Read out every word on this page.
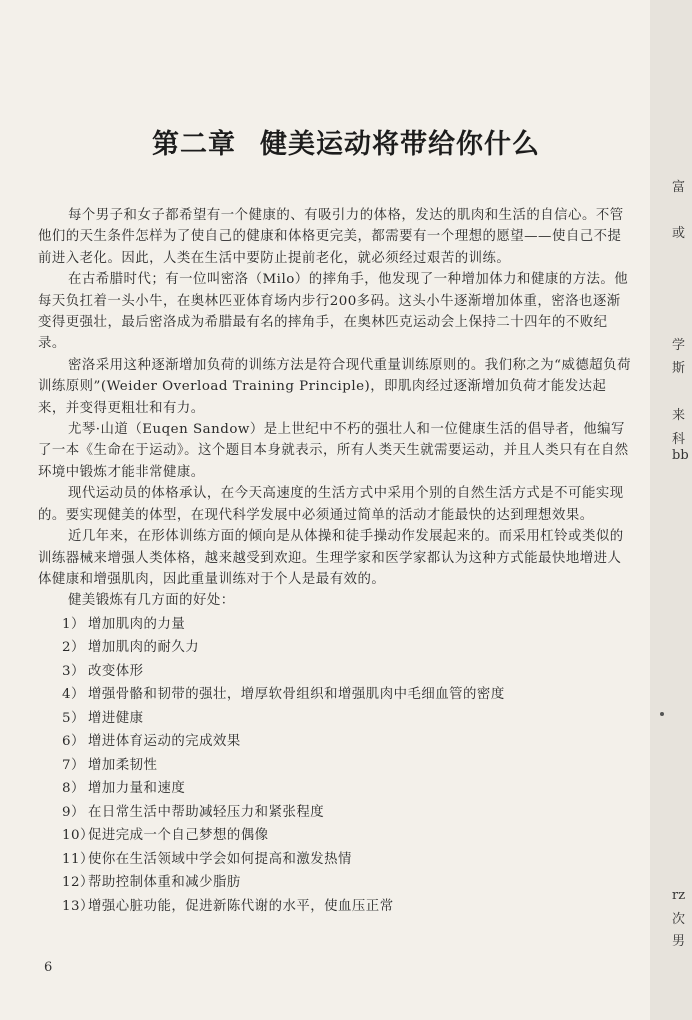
第二章 健美运动将带给你什么

每个男子和女子都希望有一个健康的、有吸引力的体格，发达的肌肉和生活的自信心。不管他们的天生条件怎样为了使自己的健康和体格更完美，都需要有一个理想的愿望——使自己不提前进入老化。因此，人类在生活中要防止提前老化，就必须经过艰苦的训练。

在古希腊时代；有一位叫密洛（Milo）的摔角手，他发现了一种增加体力和健康的方法。他每天负扛着一头小牛，在奥林匹亚体育场内步行200多码。这头小牛逐渐增加体重，密洛也逐渐变得更强壮，最后密洛成为希腊最有名的摔角手，在奥林匹克运动会上保持二十四年的不败纪录。

密洛采用这种逐渐增加负荷的训练方法是符合现代重量训练原则的。我们称之为“威德超负荷训练原则”(Weider Overload Training Principle)，即肌肉经过逐渐增加负荷才能发达起来，并变得更粗壮和有力。

尤琴·山道（Euqen Sandow）是上世纪中不朽的强壮人和一位健康生活的倡导者，他编写了一本《生命在于运动》。这个题目本身就表示，所有人类天生就需要运动，并且人类只有在自然环境中锻炼才能非常健康。

现代运动员的体格承认，在今天高速度的生活方式中采用个别的自然生活方式是不可能实现的。要实现健美的体型，在现代科学发展中必须通过简单的活动才能最快的达到理想效果。

近几年来，在形体训练方面的倾向是从体操和徒手操动作发展起来的。而采用杠铃或类似的训练器械来增强人类体格，越来越受到欢迎。生理学家和医学家都认为这种方式能最快地增进人体健康和增强肌肉，因此重量训练对于个人是最有效的。

健美锻炼有几方面的好处：

1） 增加肌肉的力量
2） 增加肌肉的耐久力
3） 改变体形
4） 增强骨骼和韧带的强壮，增厚软骨组织和增强肌肉中毛细血管的密度
5） 增进健康
6） 增进体育运动的完成效果
7） 增加柔韧性
8） 增加力量和速度
9） 在日常生活中帮助减轻压力和紧张程度
10）促进完成一个自己梦想的偶像
11）使你在生活领域中学会如何提高和激发热情
12）帮助控制体重和减少脂肪
13）增强心脏功能，促进新陈代谢的水平，使血压正常
6
富
或
学
斯
来
科
bb
rz
次
男
